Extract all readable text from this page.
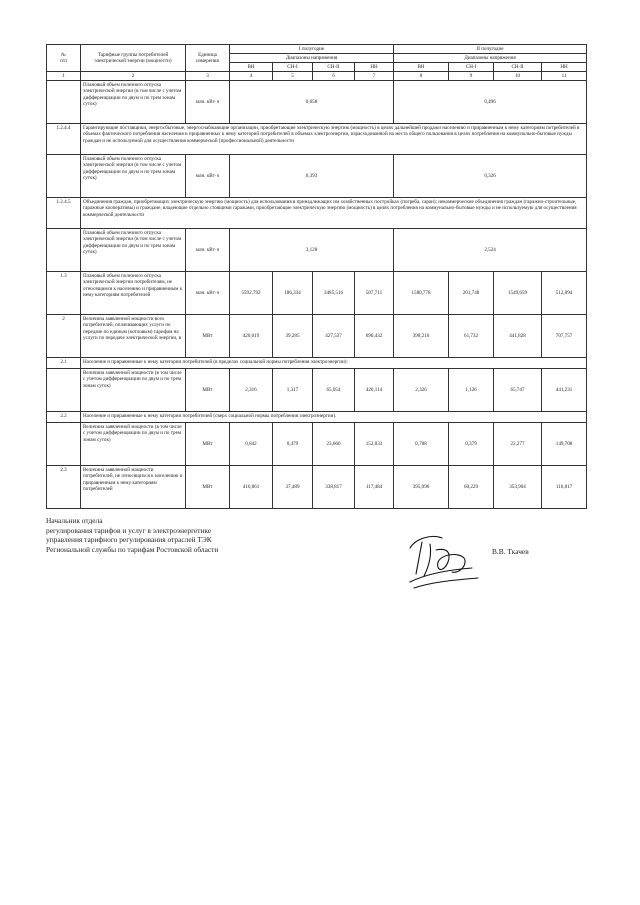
№
п/п	Тарифные группы потребителей электрической энергии (мощности)	Единица измерения	I полугодие				II полугодие			
			Диапазоны напряжения				Диапазоны напряжения			
			ВН	СН-I	СН-II	НН	ВН	СН-I	СН-II	НН
1	2	3	4	5	6	7	8	9	10	11
	Плановый объем полезного отпуска электрической энергии (в том числе с учетом дифференциации по двум и по трем зонам суток)	млн. кВт·ч	0,658				0,496			
1.2.4.4	Гарантирующие поставщики, энергосбытовые, энергоснабжающие организации, приобретающие электрическую энергию (мощность) в целях дальнейшей продажи населению и приравненным к нему категориям потребителей в объемах фактического потребления населения и приравненных к нему категорий потребителей в объемах электроэнергии, израсходованной на места общего пользования в целях потребления на коммунально-бытовые нужды граждан и не используемой для осуществления коммерческой (профессиональной) деятельности									
	Плановый объем полезного отпуска электрической энергии (в том числе с учетом дифференциации по двум и по трем зонам суток)	млн. кВт·ч	0,393				0,326			
1.2.4.5	Объединения граждан, приобретающих электрическую энергию (мощность) для использования в принадлежащих им хозяйственных постройках (погреба, сараи); некоммерческие объединения граждан (гаражно-строительные, гаражные кооперативы) и граждане, владеющие отдельно стоящими гаражами, приобретающие электрическую энергию (мощность) в целях потребления на коммунально-бытовые нужды и не используемую для осуществления коммерческой деятельности									
	Плановый объем полезного отпуска электрической энергии (в том числе с учетом дифференциации по двум и по трем зонам суток)	млн. кВт·ч	3,128				2,524			
1.3	Плановый объем полезного отпуска электрической энергии потребителям, не относящимся к населению и приравненным к нему категориям потребителей	млн. кВт·ч	5592,792	186,334	3485,516	507,711	1580,778	201,748	1549,659	512,894
2	Величина заявленной мощности всех потребителей, оплачивающих услуги по передаче по единым (котловым) тарифам на услуги по передаче электрической энергии, в	МВт	420,019	39,285	427,537	690,432	398,210	61,732	441,828	707,757
2.1	Население и приравненные к нему категории потребителей (в пределах социальной нормы потребления электроэнергии):									
	Величина заявленной мощности (в том числе с учетом дифференциации по двум и по трем зонам суток)	МВт	2,316	1,317	65,054	420,114	2,326	1,126	65,747	441,231
2.2	Население и приравненные к нему категории потребителей (сверх социальной нормы потребления электроэнергии).									
	Величина заявленной мощности (в том числе с учетом дифференциации по двум и по трем зонам суток)	МВт	0,842	0,479	23,666	152,833	0,788	0,379	22,277	149,708
2.3	Величина заявленной мощности потребителей, не относящихся к населению и приравненным к нему категориям потребителей	МВт	416,861	37,489	338,817	117,484	395,096	60,229	353,904	116,817
Начальник отдела
регулирования тарифов и услуг в электроэнергетике
управления тарифного регулирования отраслей ТЭК
Региональной службы по тарифам Ростовской области	В.В. Ткачев
